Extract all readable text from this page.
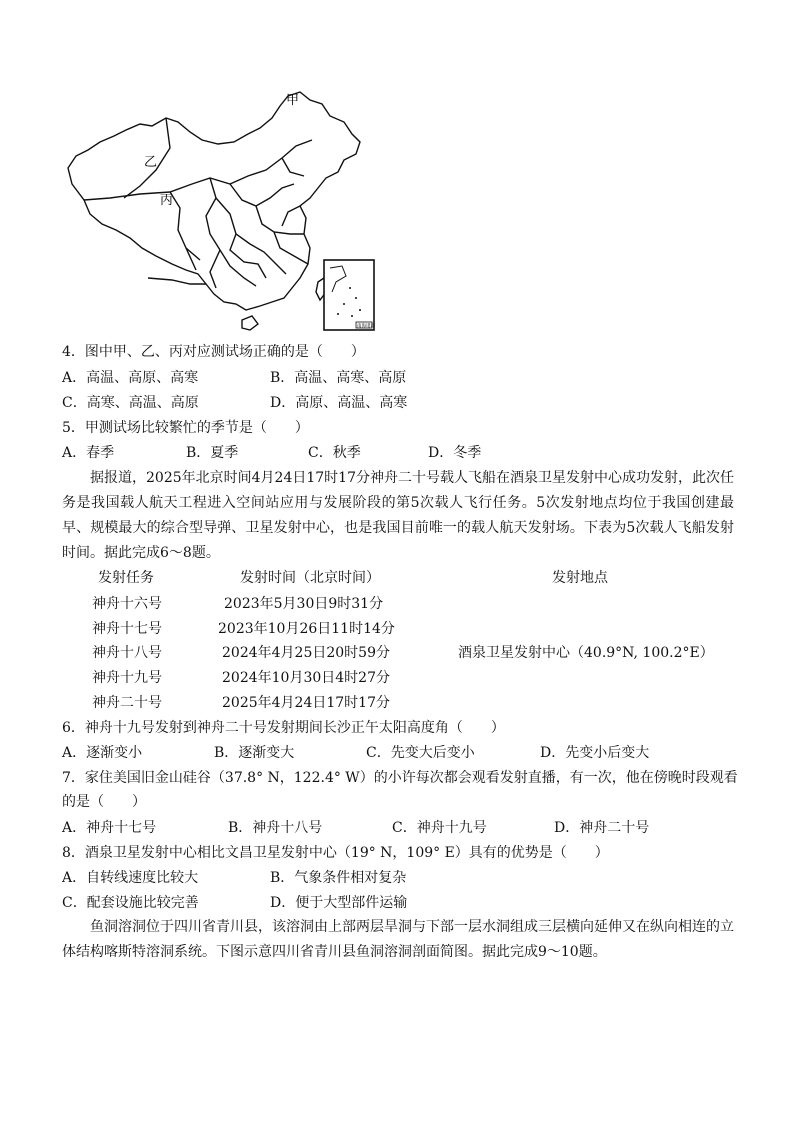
甲
乙
丙
南海诸岛
4．图中甲、乙、丙对应测试场正确的是（　　）
A．高温、高原、高寒	B．高温、高寒、高原
C．高寒、高温、高原	D．高原、高温、高寒
5．甲测试场比较繁忙的季节是（　　）
A．春季	B．夏季	C．秋季	D．冬季
据报道，2025年北京时间4月24日17时17分神舟二十号载人飞船在酒泉卫星发射中心成功发射，此次任务是我国载人航天工程进入空间站应用与发展阶段的第5次载人飞行任务。5次发射地点均位于我国创建最早、规模最大的综合型导弹、卫星发射中心，也是我国目前唯一的载人航天发射场。下表为5次载人飞船发射时间。据此完成6～8题。
发射任务	发射时间（北京时间）	发射地点
神舟十六号	2023年5月30日9时31分
神舟十七号	2023年10月26日11时14分
神舟十八号	2024年4月25日20时59分	酒泉卫星发射中心（40.9°N, 100.2°E）
神舟十九号	2024年10月30日4时27分
神舟二十号	2025年4月24日17时17分
6．神舟十九号发射到神舟二十号发射期间长沙正午太阳高度角（　　）
A．逐渐变小	B．逐渐变大	C．先变大后变小	D．先变小后变大
7．家住美国旧金山硅谷（37.8° N，122.4° W）的小许每次都会观看发射直播，有一次，他在傍晚时段观看
的是（　　）
A．神舟十七号	B．神舟十八号	C．神舟十九号	D．神舟二十号
8．酒泉卫星发射中心相比文昌卫星发射中心（19° N，109° E）具有的优势是（　　）
A．自转线速度比较大	B．气象条件相对复杂
C．配套设施比较完善	D．便于大型部件运输
鱼洞溶洞位于四川省青川县，该溶洞由上部两层旱洞与下部一层水洞组成三层横向延伸又在纵向相连的立体结构喀斯特溶洞系统。下图示意四川省青川县鱼洞溶洞剖面简图。据此完成9～10题。
